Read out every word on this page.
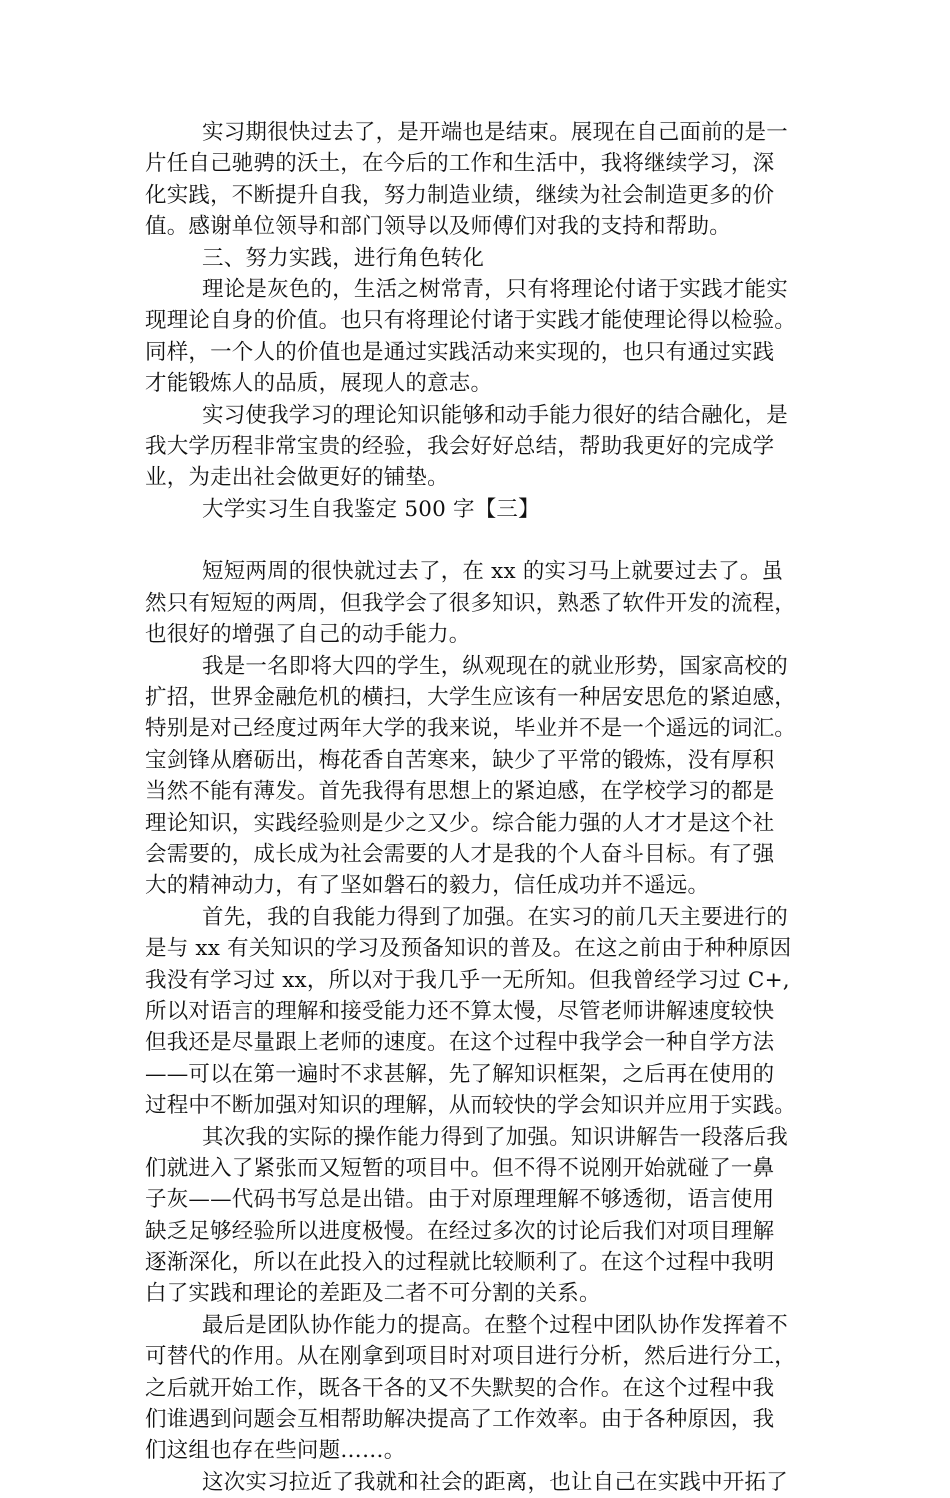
实习期很快过去了，是开端也是结束。展现在自己面前的是一
片任自己驰骋的沃土，在今后的工作和生活中，我将继续学习，深
化实践，不断提升自我，努力制造业绩，继续为社会制造更多的价
值。感谢单位领导和部门领导以及师傅们对我的支持和帮助。
三、努力实践，进行角色转化
理论是灰色的，生活之树常青，只有将理论付诸于实践才能实
现理论自身的价值。也只有将理论付诸于实践才能使理论得以检验。
同样，一个人的价值也是通过实践活动来实现的，也只有通过实践
才能锻炼人的品质，展现人的意志。
实习使我学习的理论知识能够和动手能力很好的结合融化，是
我大学历程非常宝贵的经验，我会好好总结，帮助我更好的完成学
业，为走出社会做更好的铺垫。
大学实习生自我鉴定 500 字【三】
短短两周的很快就过去了，在 xx 的实习马上就要过去了。虽
然只有短短的两周，但我学会了很多知识，熟悉了软件开发的流程，
也很好的增强了自己的动手能力。
我是一名即将大四的学生，纵观现在的就业形势，国家高校的
扩招，世界金融危机的横扫，大学生应该有一种居安思危的紧迫感，
特别是对己经度过两年大学的我来说，毕业并不是一个遥远的词汇。
宝剑锋从磨砺出，梅花香自苦寒来，缺少了平常的锻炼，没有厚积
当然不能有薄发。首先我得有思想上的紧迫感，在学校学习的都是
理论知识，实践经验则是少之又少。综合能力强的人才才是这个社
会需要的，成长成为社会需要的人才是我的个人奋斗目标。有了强
大的精神动力，有了坚如磐石的毅力，信任成功并不遥远。
首先，我的自我能力得到了加强。在实习的前几天主要进行的
是与 xx 有关知识的学习及预备知识的普及。在这之前由于种种原因
我没有学习过 xx，所以对于我几乎一无所知。但我曾经学习过 C+,
所以对语言的理解和接受能力还不算太慢，尽管老师讲解速度较快
但我还是尽量跟上老师的速度。在这个过程中我学会一种自学方法
——可以在第一遍时不求甚解，先了解知识框架，之后再在使用的
过程中不断加强对知识的理解，从而较快的学会知识并应用于实践。
其次我的实际的操作能力得到了加强。知识讲解告一段落后我
们就进入了紧张而又短暂的项目中。但不得不说刚开始就碰了一鼻
子灰——代码书写总是出错。由于对原理理解不够透彻，语言使用
缺乏足够经验所以进度极慢。在经过多次的讨论后我们对项目理解
逐渐深化，所以在此投入的过程就比较顺利了。在这个过程中我明
白了实践和理论的差距及二者不可分割的关系。
最后是团队协作能力的提高。在整个过程中团队协作发挥着不
可替代的作用。从在刚拿到项目时对项目进行分析，然后进行分工，
之后就开始工作，既各干各的又不失默契的合作。在这个过程中我
们谁遇到问题会互相帮助解决提高了工作效率。由于各种原因，我
们这组也存在些问题……。
这次实习拉近了我就和社会的距离，也让自己在实践中开拓了
